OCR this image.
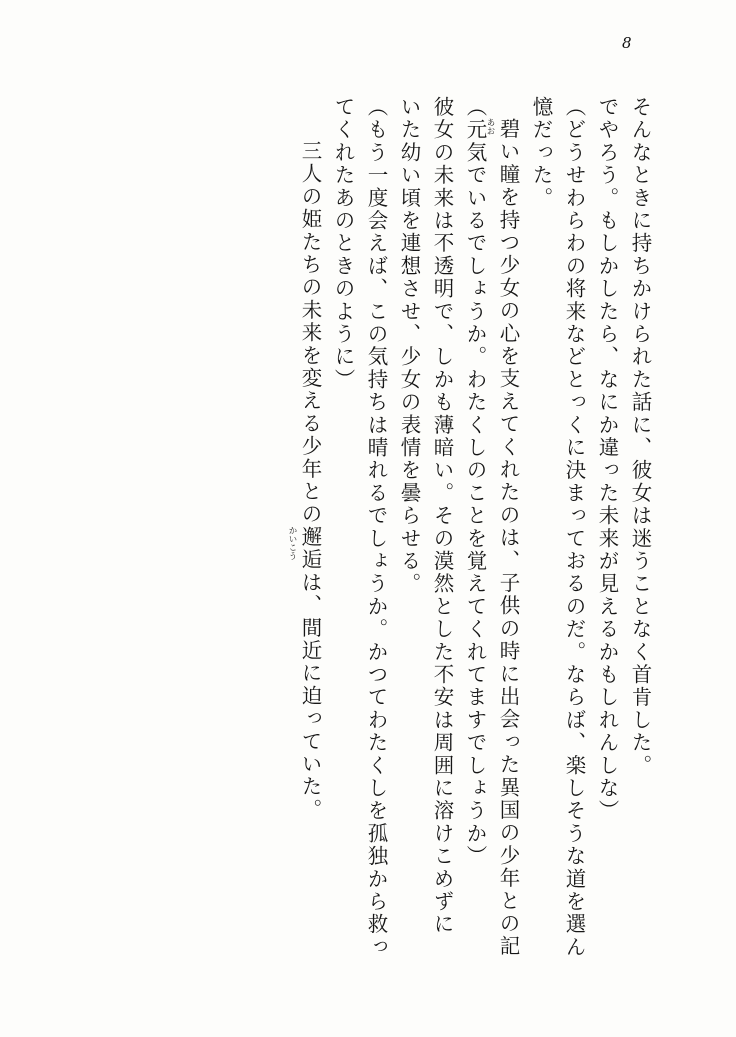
8
そんなときに持ちかけられた話に、彼女は迷うことなく首肯した。
でやろう。もしかしたら、なにか違った未来が見えるかもしれんしな）
（どうせわらわの将来などとっくに決まっておるのだ。ならば、楽しそうな道を選ん
憶だった。
あお 碧い瞳を持つ少女の心を支えてくれたのは、子供の時に出会った異国の少年との記
（元気でいるでしょうか。わたくしのことを覚えてくれてますでしょうか）
彼女の未来は不透明で、しかも薄暗い。その漠然とした不安は周囲に溶けこめずに
いた幼い頃を連想させ、少女の表情を曇らせる。
（もう一度会えば、この気持ちは晴れるでしょうか。かつてわたくしを孤独から救っ
てくれたあのときのように）
三人の姫たちの未来を変える少年との
かいこう 邂逅は、間近に迫っていた。
